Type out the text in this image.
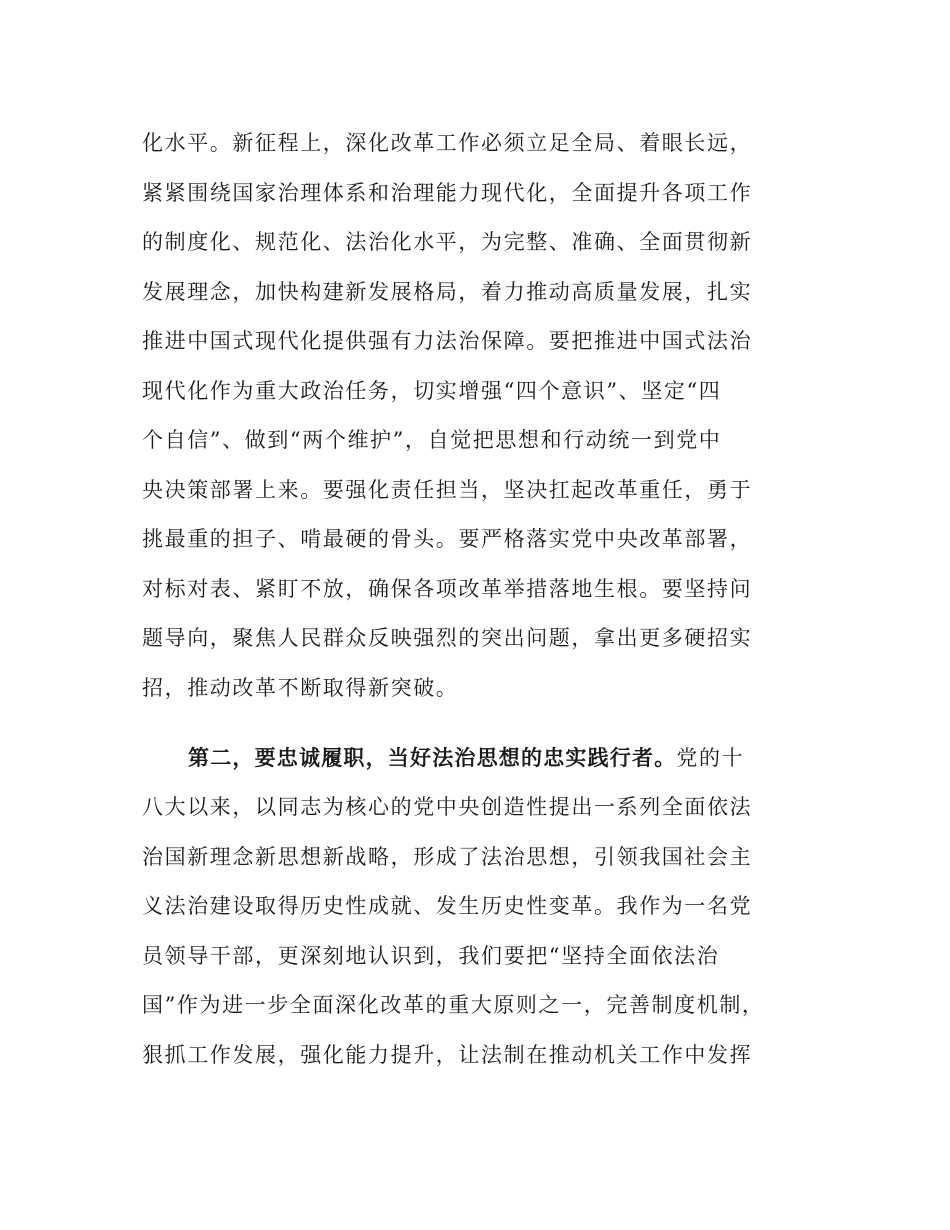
化水平。新征程上，深化改革工作必须立足全局、着眼长远，
紧紧围绕国家治理体系和治理能力现代化，全面提升各项工作
的制度化、规范化、法治化水平，为完整、准确、全面贯彻新
发展理念，加快构建新发展格局，着力推动高质量发展，扎实
推进中国式现代化提供强有力法治保障。要把推进中国式法治
现代化作为重大政治任务，切实增强“四个意识”、坚定“四
个自信”、做到“两个维护”，自觉把思想和行动统一到党中
央决策部署上来。要强化责任担当，坚决扛起改革重任，勇于
挑最重的担子、啃最硬的骨头。要严格落实党中央改革部署，
对标对表、紧盯不放，确保各项改革举措落地生根。要坚持问
题导向，聚焦人民群众反映强烈的突出问题，拿出更多硬招实
招，推动改革不断取得新突破。
第二，要忠诚履职，当好法治思想的忠实践行者。党的十
八大以来，以同志为核心的党中央创造性提出一系列全面依法
治国新理念新思想新战略，形成了法治思想，引领我国社会主
义法治建设取得历史性成就、发生历史性变革。我作为一名党
员领导干部，更深刻地认识到，我们要把“坚持全面依法治
国”作为进一步全面深化改革的重大原则之一，完善制度机制，
狠抓工作发展，强化能力提升，让法制在推动机关工作中发挥
